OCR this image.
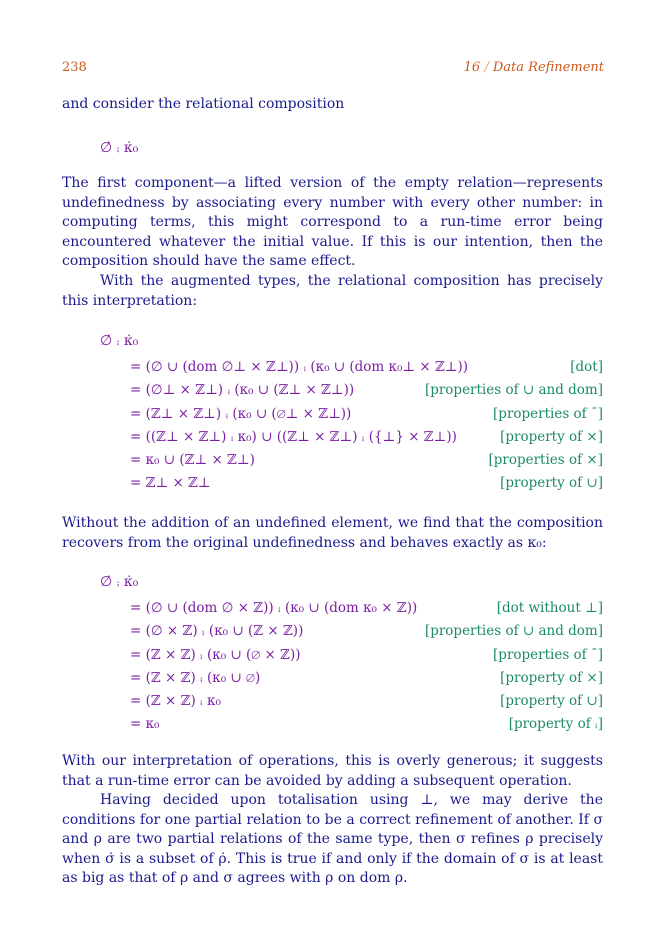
238	16 / Data Refinement

and consider the relational composition

∅̇ ⨾ κ̇₀

The first component—a lifted version of the empty relation—represents undefinedness by associating every number with every other number: in computing terms, this might correspond to a run-time error being encountered whatever the initial value. If this is our intention, then the composition should have the same effect.

With the augmented types, the relational composition has precisely this interpretation:

∅̇ ⨾ κ̇₀
= (∅ ∪ (dom ∅⊥ × ℤ⊥)) ⨾ (κ₀ ∪ (dom κ₀⊥ × ℤ⊥))	[dot]
= (∅⊥ × ℤ⊥) ⨾ (κ₀ ∪ (ℤ⊥ × ℤ⊥))	[properties of ∪ and dom]
= (ℤ⊥ × ℤ⊥) ⨾ (κ₀ ∪ (∅⊥ × ℤ⊥))	[properties of ¯]
= ((ℤ⊥ × ℤ⊥) ⨾ κ₀) ∪ ((ℤ⊥ × ℤ⊥) ⨾ ({⊥} × ℤ⊥))	[property of ×]
= κ₀ ∪ (ℤ⊥ × ℤ⊥)	[properties of ×]
= ℤ⊥ × ℤ⊥	[property of ∪]

Without the addition of an undefined element, we find that the composition recovers from the original undefinedness and behaves exactly as κ₀:

∅̇ ⨾ κ̇₀
= (∅ ∪ (dom ∅ × ℤ)) ⨾ (κ₀ ∪ (dom κ₀ × ℤ))	[dot without ⊥]
= (∅ × ℤ) ⨾ (κ₀ ∪ (ℤ × ℤ))	[properties of ∪ and dom]
= (ℤ × ℤ) ⨾ (κ₀ ∪ (∅ × ℤ))	[properties of ¯]
= (ℤ × ℤ) ⨾ (κ₀ ∪ ∅)	[property of ×]
= (ℤ × ℤ) ⨾ κ₀	[property of ∪]
= κ₀	[property of ⨾]

With our interpretation of operations, this is overly generous; it suggests that a run-time error can be avoided by adding a subsequent operation.

Having decided upon totalisation using ⊥, we may derive the conditions for one partial relation to be a correct refinement of another. If σ and ρ are two partial relations of the same type, then σ refines ρ precisely when σ̇ is a subset of ρ̇. This is true if and only if the domain of σ is at least as big as that of ρ and σ agrees with ρ on dom ρ.
